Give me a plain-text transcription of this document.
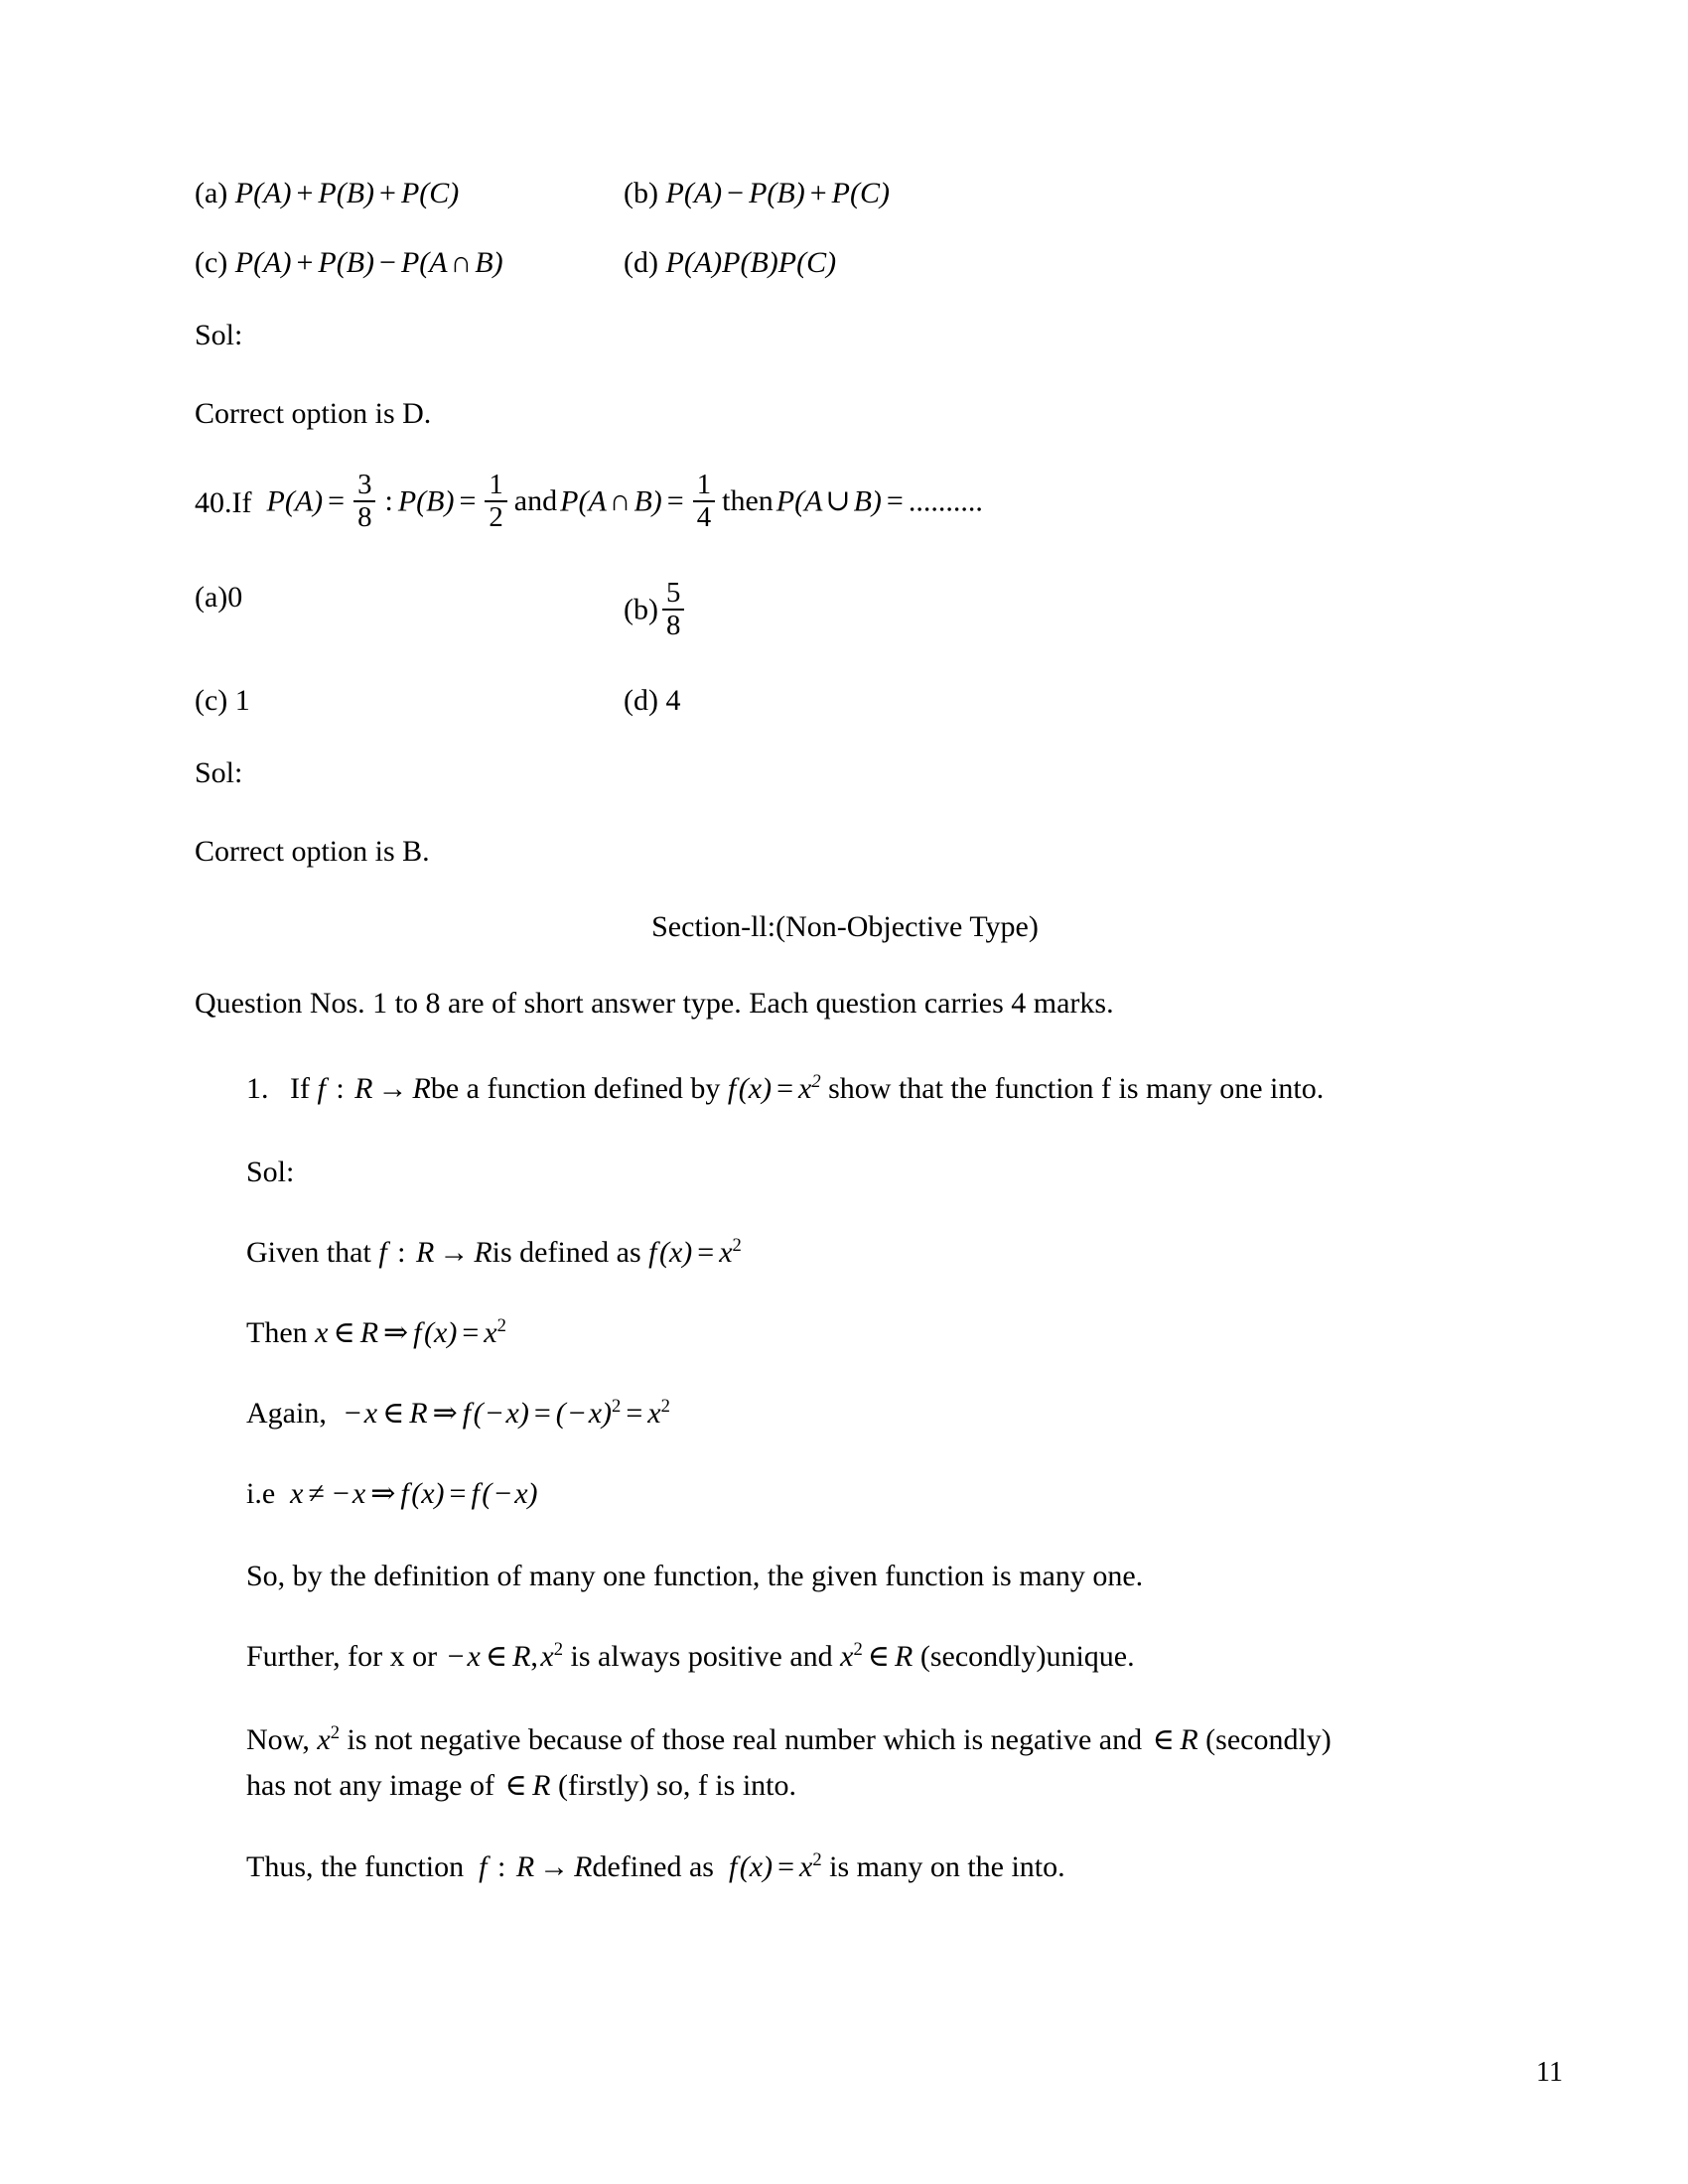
(a) P(A) + P(B) + P(C)	(b) P(A) − P(B) + P(C)
(c) P(A) + P(B) − P(A ∩ B)	(d) P(A)P(B)P(C)
Sol:
Correct option is D.
40. If
$P(A) = \frac{3}{8}$ : $P(B) = \frac{1}{2}$ and P(A ∩ $B) = \frac{1}{4}$ then P(A ∪ B) = ..........
(a)0	$(b) \frac{5}{8}$
(c) 1	(d) 4
Sol:
Correct option is B.
Section-ll:(Non-Objective Type)
Question Nos. 1 to 8 are of short answer type. Each question carries 4 marks.
1. If f : R → Rbe a function defined by f $(x) = x^2$ show that the function f is many one into.
Sol:
Given that f : R → Ris defined as f $(x) = x^2$
Then x ∈ R ⇒ f $(x) = x^2$
Again, − x ∈ R ⇒ f ( − x) = ( − $x)^2 = x^2$
i.e x ≠ − x ⇒ f (x) = f ( − x)
So, by the definition of many one function, the given function is many one.
Further, for x or − x ∈ R, $x^2$ is always positive and $x^2$ ∈ R (secondly)unique.
Now, $x^2$ is not negative because of those real number which is negative and ∈  R (secondly) has not any image of ∈  R (firstly) so, f is into.
Thus, the function f : R → Rdefined as f $(x) = x^2$ is many on the into.
11
